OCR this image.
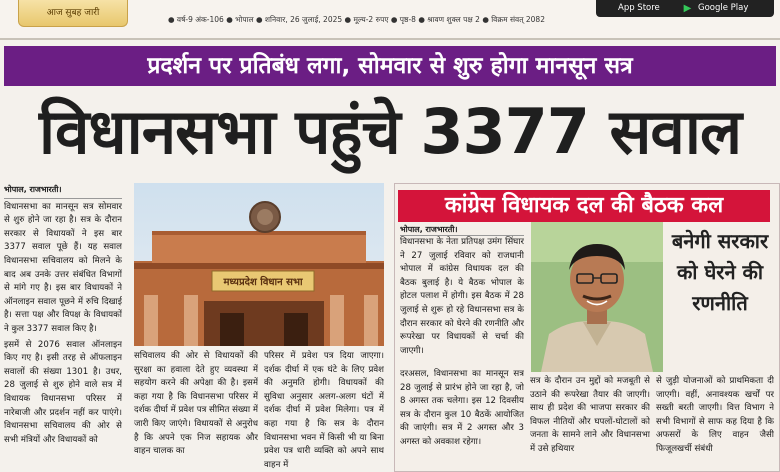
आज सुबह जारी
● वर्ष-9 अंक-106 ● भोपाल ● शनिवार, 26 जुलाई, 2025 ● मूल्य-2 रुपए ● पृष्ठ-8 ● श्रावण शुक्ल पक्ष 2 ● विक्रम संवत् 2082
App Store	▶ Google Play
प्रदर्शन पर प्रतिबंध लगा, सोमवार से शुरु होगा मानसून सत्र
विधानसभा पहुंचे 3377 सवाल
भोपाल, राजभारती।

विधानसभा का मानसून सत्र सोमवार से शुरु होने जा रहा है। सत्र के दौरान सरकार से विधायकों ने इस बार 3377 सवाल पूछे हैं। यह सवाल विधानसभा सचिवालय को मिलने के बाद अब उनके उत्तर संबंधित विभागों से मांगे गए है। इस बार विधायकों ने ऑनलाइन सवाल पूछने में रुचि दिखाई है। सत्ता पक्ष और विपक्ष के विधायकों ने कुल 3377 सवाल किए है।

इसमें से 2076 सवाल ऑनलाइन किए गए है। इसी तरह से ऑफलाइन सवालों की संख्या 1301 है। उधर, 28 जुलाई से शुरु होने वाले सत्र में विधायक विधानसभा परिसर में नारेबाजी और प्रदर्शन नहीं कर पाएंगे। विधानसभा सचिवालय की ओर से सभी मंत्रियों और विधायकों को

मध्यप्रदेश विधान सभा

सचिवालय की ओर से विधायकों की सुरक्षा का हवाला देते हुए व्यवस्था में सहयोग करने की अपेक्षा की है। इसमें कहा गया है कि विधानसभा परिसर में दर्शक दीर्घा में प्रवेश पत्र सीमित संख्या में जारी किए जाएंगे। विधायकों से अनुरोध है कि अपने एक निज सहायक और वाहन चालक का

परिसर में प्रवेश पत्र दिया जाएगा। दर्शक दीर्घा में एक घंटे के लिए प्रवेश की अनुमति होगी। विधायकों की सुविधा अनुसार अलग-अलग घंटों में दर्शक दीर्घा में प्रवेश मिलेगा। पत्र में कहा गया है कि सत्र के दौरान विधानसभा भवन में किसी भी या बिना प्रवेश पत्र धारी व्यक्ति को अपने साथ वाहन में

कांग्रेस विधायक दल की बैठक कल
भोपाल, राजभारती।

विधानसभा के नेता प्रतिपक्ष उमंग सिंघार ने 27 जुलाई रविवार को राजधानी भोपाल में कांग्रेस विधायक दल की बैठक बुलाई है। ये बैठक भोपाल के होटल पलाश में होगी। इस बैठक में 28 जुलाई से शुरू हो रहे विधानसभा सत्र के दौरान सरकार को घेरने की रणनीति और रूपरेखा पर विधायकों से चर्चा की जाएगी।

बनेगी सरकार को घेरने की रणनीति

दरअसल, विधानसभा का मानसून सत्र 28 जुलाई से प्रारंभ होने जा रहा है, जो 8 अगस्त तक चलेगा। इस 12 दिवसीय सत्र के दौरान कुल 10 बैठकें आयोजित की जाएंगी। सत्र में 2 अगस्त और 3 अगस्त को अवकाश रहेगा।

सत्र के दौरान उन मुद्दों को मजबूती से उठाने की रूपरेखा तैयार की जाएगी। साथ ही प्रदेश की भाजपा सरकार की विफल नीतियों और घपलों-घोटालों को जनता के सामने लाने और विधानसभा में उसे हथियार

से जुड़ी योजनाओं को प्राथमिकता दी जाएगी। वहीं, अनावश्यक खर्चों पर सख्ती बरती जाएगी। वित्त विभाग ने सभी विभागों से साफ कह दिया है कि अफसरों के लिए वाहन जैसी फिजूलखर्ची संबंधी
